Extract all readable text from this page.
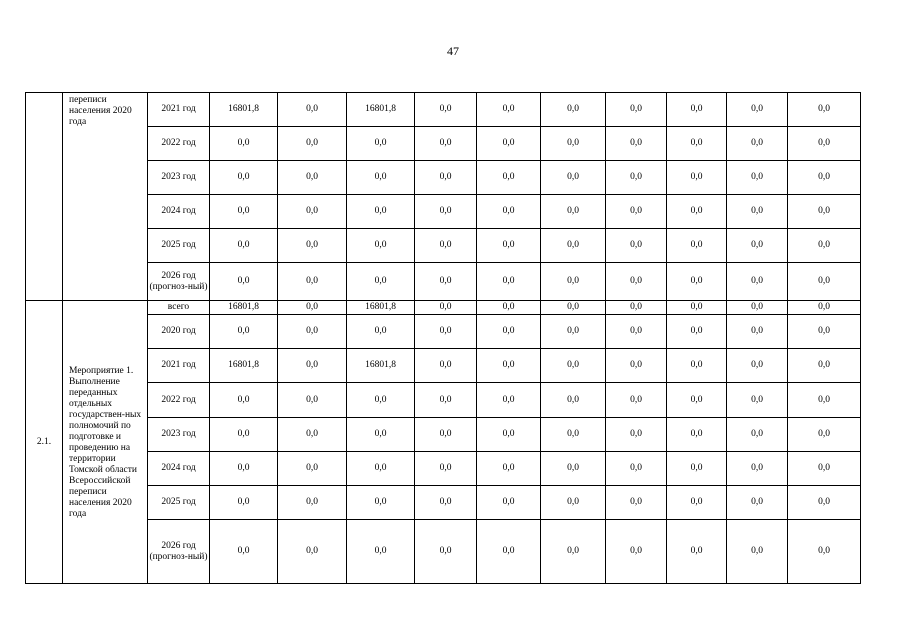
47
	переписи населения 2020 года	2021 год	16801,8	0,0	16801,8	0,0	0,0	0,0	0,0	0,0	0,0	0,0
		2022 год	0,0	0,0	0,0	0,0	0,0	0,0	0,0	0,0	0,0	0,0
		2023 год	0,0	0,0	0,0	0,0	0,0	0,0	0,0	0,0	0,0	0,0
		2024 год	0,0	0,0	0,0	0,0	0,0	0,0	0,0	0,0	0,0	0,0
		2025 год	0,0	0,0	0,0	0,0	0,0	0,0	0,0	0,0	0,0	0,0
		2026 год (прогноз-ный)	0,0	0,0	0,0	0,0	0,0	0,0	0,0	0,0	0,0	0,0
2.1.	Мероприятие 1. Выполнение переданных отдельных государствен-ных полномочий по подготовке и проведению на территории Томской области Всероссийской переписи населения 2020 года	всего	16801,8	0,0	16801,8	0,0	0,0	0,0	0,0	0,0	0,0	0,0
		2020 год	0,0	0,0	0,0	0,0	0,0	0,0	0,0	0,0	0,0	0,0
		2021 год	16801,8	0,0	16801,8	0,0	0,0	0,0	0,0	0,0	0,0	0,0
		2022 год	0,0	0,0	0,0	0,0	0,0	0,0	0,0	0,0	0,0	0,0
		2023 год	0,0	0,0	0,0	0,0	0,0	0,0	0,0	0,0	0,0	0,0
		2024 год	0,0	0,0	0,0	0,0	0,0	0,0	0,0	0,0	0,0	0,0
		2025 год	0,0	0,0	0,0	0,0	0,0	0,0	0,0	0,0	0,0	0,0
		2026 год (прогноз-ный)	0,0	0,0	0,0	0,0	0,0	0,0	0,0	0,0	0,0	0,0
